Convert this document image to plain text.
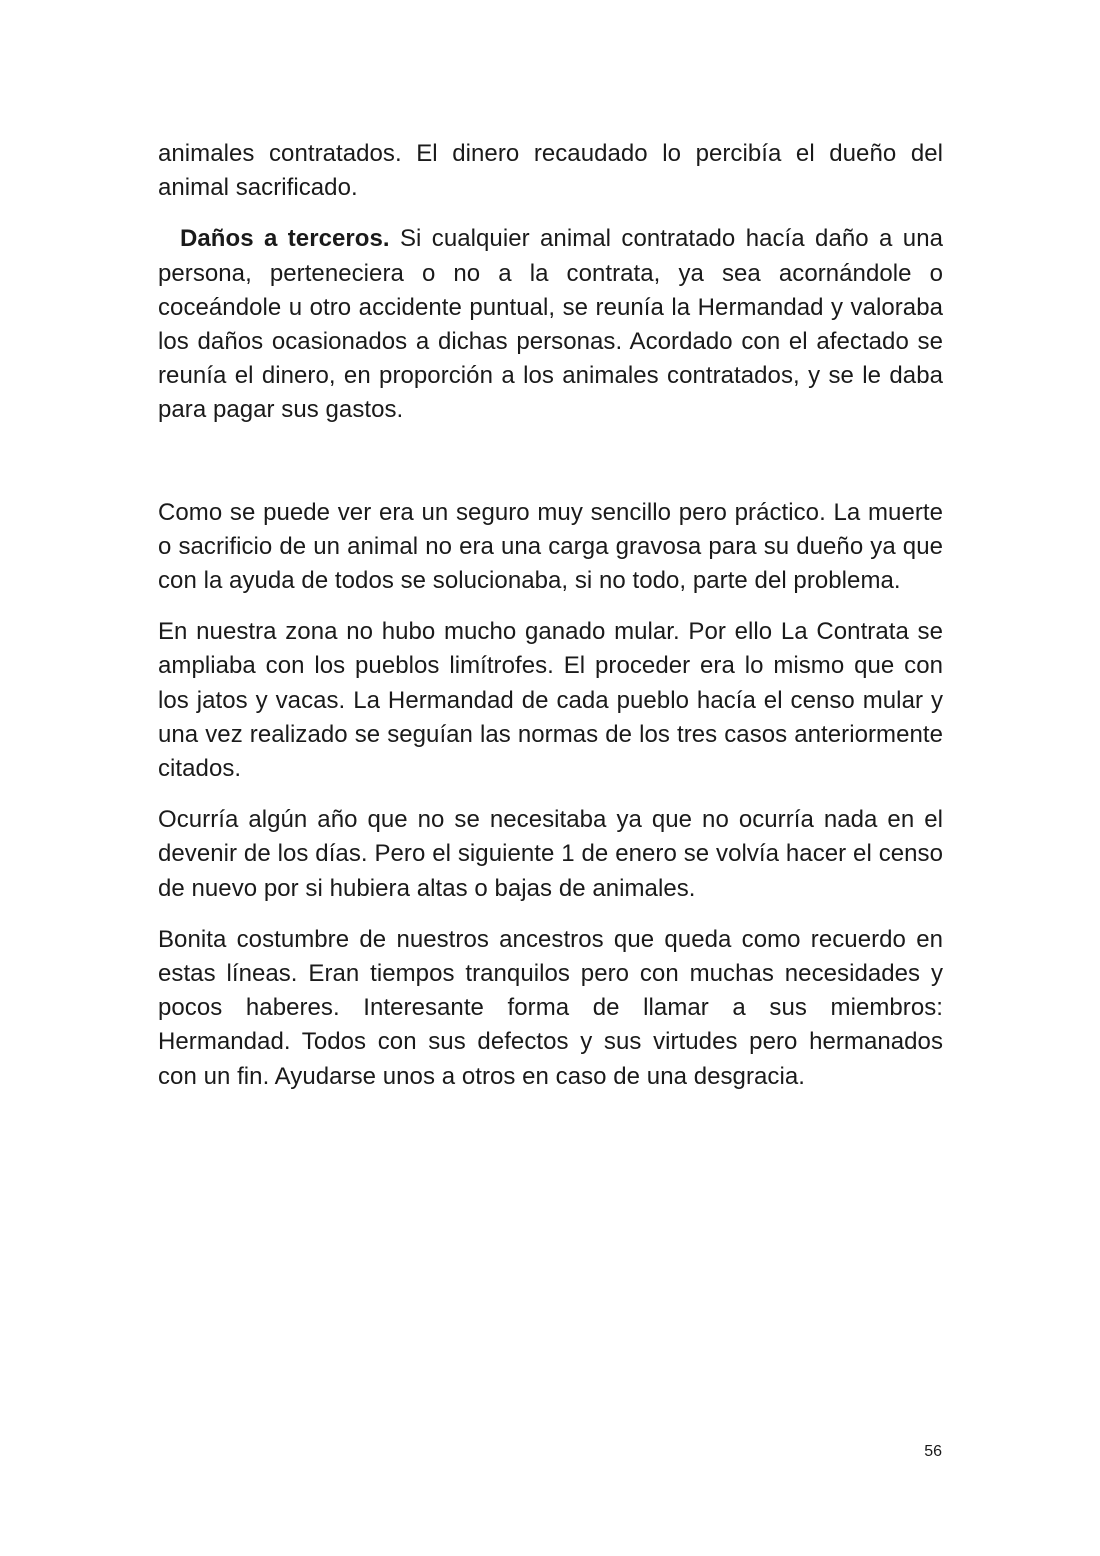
animales contratados. El dinero recaudado lo percibía el dueño del animal sacrificado.

Daños a terceros. Si cualquier animal contratado hacía daño a una persona, perteneciera o no a la contrata, ya sea acornándole o coceándole u otro accidente puntual, se reunía la Hermandad y valoraba los daños ocasionados a dichas personas. Acordado con el afectado se reunía el dinero, en proporción a los animales contratados, y se le daba para pagar sus gastos.

Como se puede ver era un seguro muy sencillo pero práctico. La muerte o sacrificio de un animal no era una carga gravosa para su dueño ya que con la ayuda de todos se solucionaba, si no todo, parte del problema.

En nuestra zona no hubo mucho ganado mular. Por ello La Contrata se ampliaba con los pueblos limítrofes. El proceder era lo mismo que con los jatos y vacas. La Hermandad de cada pueblo hacía el censo mular y una vez realizado se seguían las normas de los tres casos anteriormente citados.

Ocurría algún año que no se necesitaba ya que no ocurría nada en el devenir de los días. Pero el siguiente 1 de enero se volvía hacer el censo de nuevo por si hubiera altas o bajas de animales.

Bonita costumbre de nuestros ancestros que queda como recuerdo en estas líneas. Eran tiempos tranquilos pero con muchas necesidades y pocos haberes. Interesante forma de llamar a sus miembros: Hermandad. Todos con sus defectos y sus virtudes pero hermanados con un fin. Ayudarse unos a otros en caso de una desgracia.

56
